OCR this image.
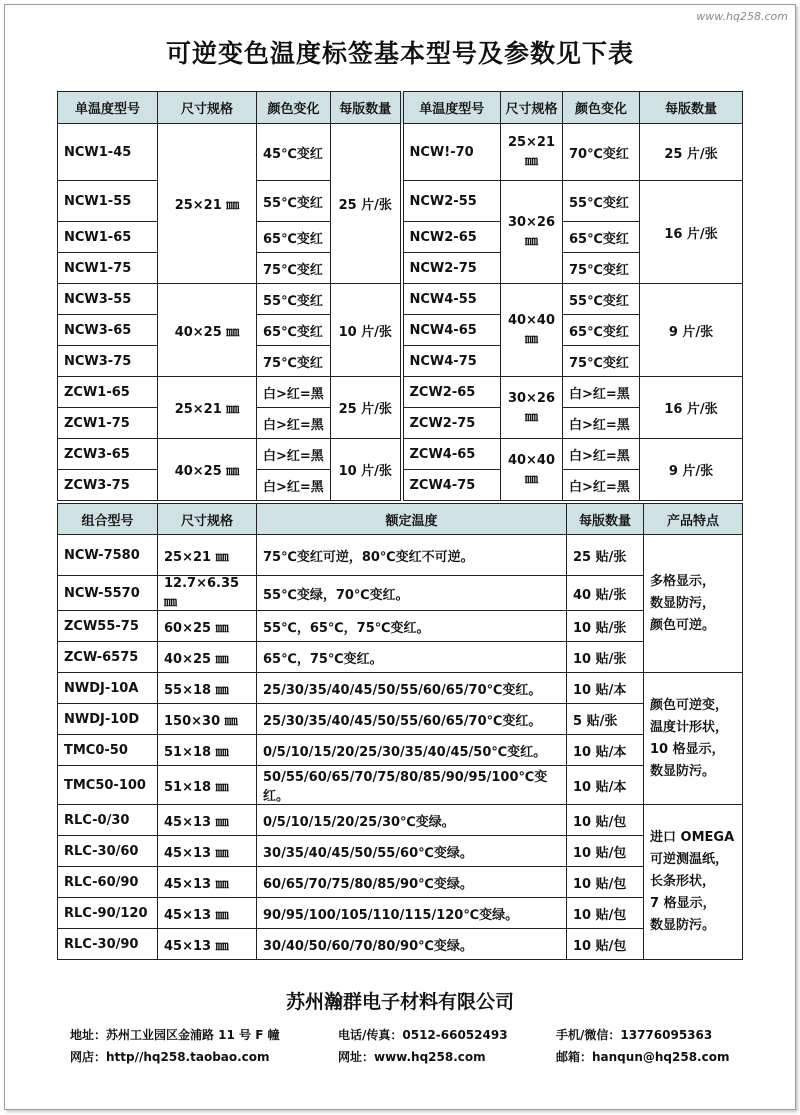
www.hq258.com
可逆变色温度标签基本型号及参数见下表
单温度型号	尺寸规格	颜色变化	每版数量	单温度型号	尺寸规格	颜色变化	每版数量
NCW1-45	25×21 ㎜	45℃变红	25 片/张	NCW!-70	25×21 ㎜	70℃变红	25 片/张
NCW1-55		55℃变红		NCW2-55	30×26 ㎜	55℃变红	16 片/张
NCW1-65		65℃变红		NCW2-65		65℃变红	
NCW1-75		75℃变红		NCW2-75		75℃变红	
NCW3-55	40×25 ㎜	55℃变红	10 片/张	NCW4-55	40×40 ㎜	55℃变红	9 片/张
NCW3-65		65℃变红		NCW4-65		65℃变红	
NCW3-75		75℃变红		NCW4-75		75℃变红	
ZCW1-65	25×21 ㎜	白>红=黑	25 片/张	ZCW2-65	30×26 ㎜	白>红=黑	16 片/张
ZCW1-75		白>红=黑		ZCW2-75		白>红=黑	
ZCW3-65	40×25 ㎜	白>红=黑	10 片/张	ZCW4-65	40×40 ㎜	白>红=黑	9 片/张
ZCW3-75		白>红=黑		ZCW4-75		白>红=黑	
组合型号	尺寸规格	额定温度	每版数量	产品特点
NCW-7580	25×21 ㎜	75℃变红可逆，80℃变红不可逆。	25 贴/张	多格显示，
数显防污，
颜色可逆。

NCW-5570	12.7×6.35 ㎜	55℃变绿，70℃变红。	40 贴/张	
ZCW55-75	60×25 ㎜	55℃，65℃，75℃变红。	10 贴/张	
ZCW-6575	40×25 ㎜	65℃，75℃变红。	10 贴/张	
NWDJ-10A	55×18 ㎜	25/30/35/40/45/50/55/60/65/70℃变红。	10 贴/本	颜色可逆变，
温度计形状，
10 格显示，
数显防污。

NWDJ-10D	150×30 ㎜	25/30/35/40/45/50/55/60/65/70℃变红。	5 贴/张	
TMC0-50	51×18 ㎜	0/5/10/15/20/25/30/35/40/45/50℃变红。	10 贴/本	
TMC50-100	51×18 ㎜	50/55/60/65/70/75/80/85/90/95/100℃变红。	10 贴/本	
RLC-0/30	45×13 ㎜	0/5/10/15/20/25/30℃变绿。	10 贴/包	进口 OMEGA
可逆测温纸，
长条形状，
7 格显示，
数显防污。

RLC-30/60	45×13 ㎜	30/35/40/45/50/55/60℃变绿。	10 贴/包	
RLC-60/90	45×13 ㎜	60/65/70/75/80/85/90℃变绿。	10 贴/包	
RLC-90/120	45×13 ㎜	90/95/100/105/110/115/120℃变绿。	10 贴/包	
RLC-30/90	45×13 ㎜	30/40/50/60/70/80/90℃变绿。	10 贴/包	
苏州瀚群电子材料有限公司
地址：苏州工业园区金浦路 11 号 F 幢	电话/传真：0512-66052493	手机/微信：13776095363
网店：http//hq258.taobao.com	网址：www.hq258.com	邮箱：hanqun@hq258.com
